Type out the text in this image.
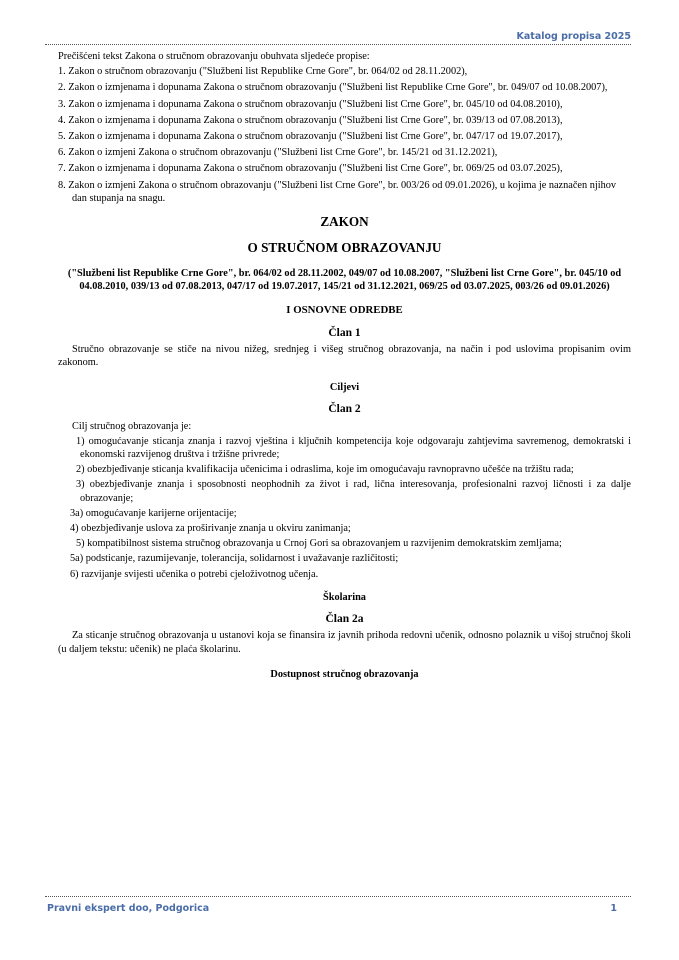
Katalog propisa 2025

Prečišćeni tekst Zakona o stručnom obrazovanju obuhvata sljedeće propise:

1. Zakon o stručnom obrazovanju ("Službeni list Republike Crne Gore", br. 064/02 od 28.11.2002),

2. Zakon o izmjenama i dopunama Zakona o stručnom obrazovanju ("Službeni list Republike Crne Gore", br. 049/07 od 10.08.2007),

3. Zakon o izmjenama i dopunama Zakona o stručnom obrazovanju ("Službeni list Crne Gore", br. 045/10 od 04.08.2010),

4. Zakon o izmjenama i dopunama Zakona o stručnom obrazovanju ("Službeni list Crne Gore", br. 039/13 od 07.08.2013),

5. Zakon o izmjenama i dopunama Zakona o stručnom obrazovanju ("Službeni list Crne Gore", br. 047/17 od 19.07.2017),

6. Zakon o izmjeni Zakona o stručnom obrazovanju ("Službeni list Crne Gore", br. 145/21 od 31.12.2021),

7. Zakon o izmjenama i dopunama Zakona o stručnom obrazovanju ("Službeni list Crne Gore", br. 069/25 od 03.07.2025),

8. Zakon o izmjeni Zakona o stručnom obrazovanju ("Službeni list Crne Gore", br. 003/26 od 09.01.2026), u kojima je naznačen njihov dan stupanja na snagu.

ZAKON

O STRUČNOM OBRAZOVANJU

("Službeni list Republike Crne Gore", br. 064/02 od 28.11.2002, 049/07 od 10.08.2007, "Službeni list Crne Gore", br. 045/10 od 04.08.2010, 039/13 od 07.08.2013, 047/17 od 19.07.2017, 145/21 od 31.12.2021, 069/25 od 03.07.2025, 003/26 od 09.01.2026)

I OSNOVNE ODREDBE

Član 1

Stručno obrazovanje se stiče na nivou nižeg, srednjeg i višeg stručnog obrazovanja, na način i pod uslovima propisanim ovim zakonom.

Ciljevi

Član 2

Cilj stručnog obrazovanja je:

1) omogućavanje sticanja znanja i razvoj vještina i ključnih kompetencija koje odgovaraju zahtjevima savremenog, demokratski i ekonomski razvijenog društva i tržišne privrede;

2) obezbjeđivanje sticanja kvalifikacija učenicima i odraslima, koje im omogućavaju ravnopravno učešće na tržištu rada;

3) obezbjeđivanje znanja i sposobnosti neophodnih za život i rad, lična interesovanja, profesionalni razvoj ličnosti i za dalje obrazovanje;

3a) omogućavanje karijerne orijentacije;

4) obezbjeđivanje uslova za proširivanje znanja u okviru zanimanja;

5) kompatibilnost sistema stručnog obrazovanja u Crnoj Gori sa obrazovanjem u razvijenim demokratskim zemljama;

5a) podsticanje, razumijevanje, tolerancija, solidarnost i uvažavanje različitosti;

6) razvijanje svijesti učenika o potrebi cjeloživotnog učenja.

Školarina

Član 2a

Za sticanje stručnog obrazovanja u ustanovi koja se finansira iz javnih prihoda redovni učenik, odnosno polaznik u višoj stručnoj školi (u daljem tekstu: učenik) ne plaća školarinu.

Dostupnost stručnog obrazovanja

Pravni ekspert doo, Podgorica	1
